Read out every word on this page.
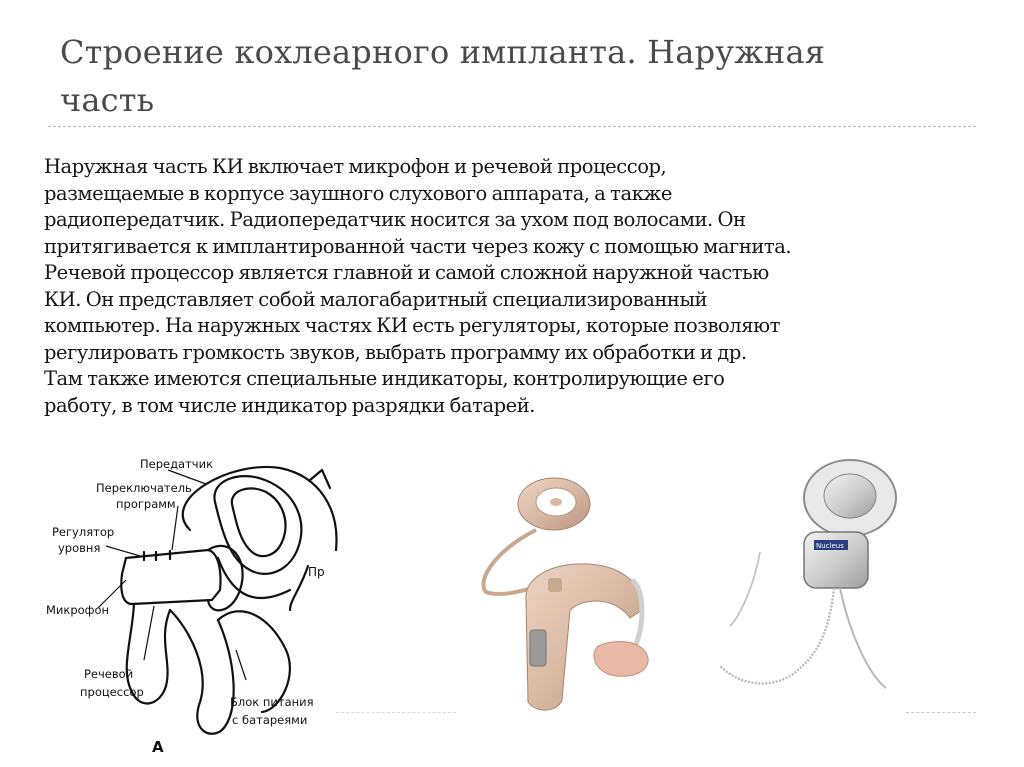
Строение кохлеарного импланта. Наружная
часть

Наружная часть КИ включает микрофон и речевой процессор,
размещаемые в корпусе заушного слухового аппарата, а также
радиопередатчик. Радиопередатчик носится за ухом под волосами. Он
притягивается к имплантированной части через кожу с помощью магнита.
Речевой процессор является главной и самой сложной наружной частью
КИ. Он представляет собой малогабаритный специализированный
компьютер. На наружных частях КИ есть регуляторы, которые позволяют
регулировать громкость звуков, выбрать программу их обработки и др.
Там также имеются специальные индикаторы, контролирующие его
работу, в том числе индикатор разрядки батарей.

Передатчик
Переключатель
программ
Регулятор
уровня
Микрофон
Речевой
процессор
Блок питания
с батареями
Пр
А
Nucleus
